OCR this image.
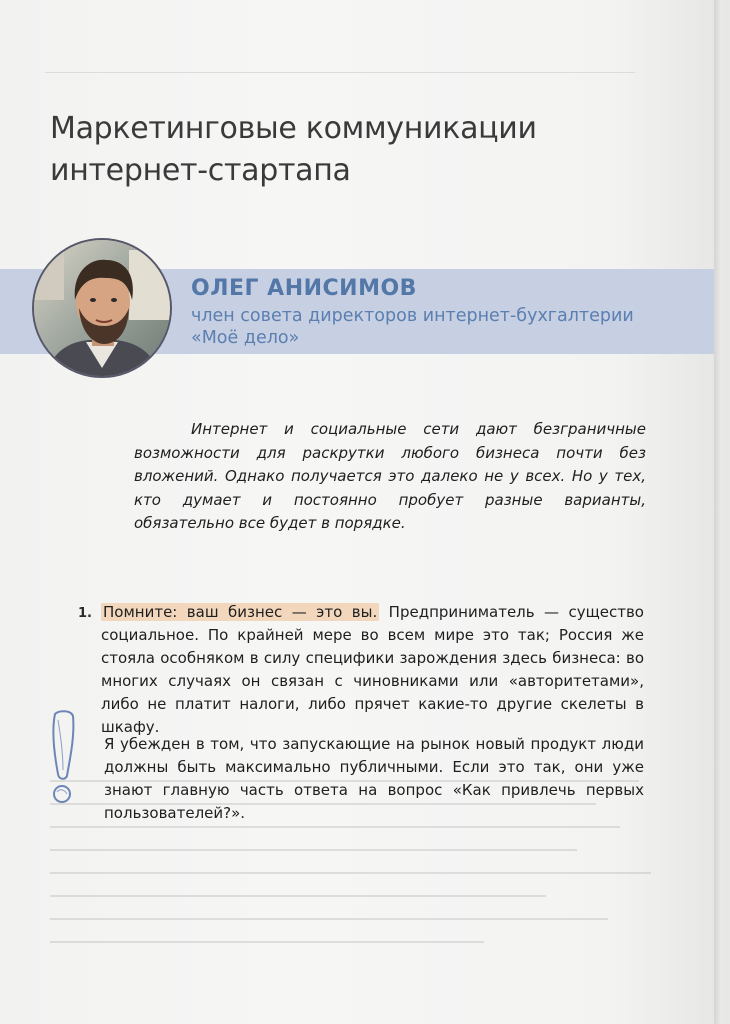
Маркетинговые коммуникации интернет-стартапа
ОЛЕГ АНИСИМОВ
член совета директоров интернет-бухгалтерии «Моё дело»

Интернет и социальные сети дают безграничные возможности для раскрутки любого бизнеса почти без вложений. Однако получается это далеко не у всех. Но у тех, кто думает и постоянно пробует разные варианты, обязательно все будет в порядке.

1. Помните: ваш бизнес — это вы. Предприниматель — существо социальное. По крайней мере во всем мире это так; Россия же стояла особняком в силу специфики зарождения здесь бизнеса: во многих случаях он связан с чиновниками или «авторитетами», либо не платит налоги, либо прячет какие-то другие скелеты в шкафу.

Я убежден в том, что запускающие на рынок новый продукт люди должны быть максимально публичными. Если это так, они уже знают главную часть ответа на вопрос «Как привлечь первых пользователей?».
